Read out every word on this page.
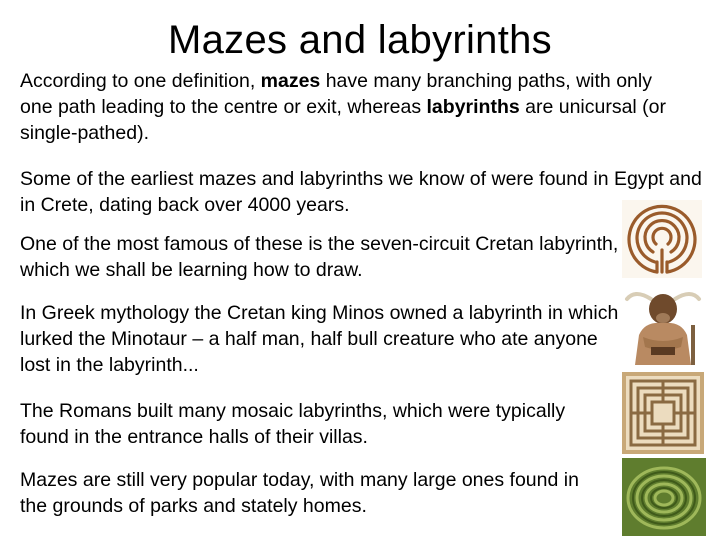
Mazes and labyrinths

According to one definition, mazes have many branching paths, with only one path leading to the centre or exit, whereas labyrinths are unicursal (or single-pathed).

Some of the earliest mazes and labyrinths we know of were found in Egypt and in Crete, dating back over 4000 years.

One of the most famous of these is the seven-circuit Cretan labyrinth, which we shall be learning how to draw.

In Greek mythology the Cretan king Minos owned a labyrinth in which lurked the Minotaur – a half man, half bull creature who ate anyone lost in the labyrinth...

The Romans built many mosaic labyrinths, which were typically found in the entrance halls of their villas.

Mazes are still very popular today, with many large ones found in the grounds of parks and stately homes.
